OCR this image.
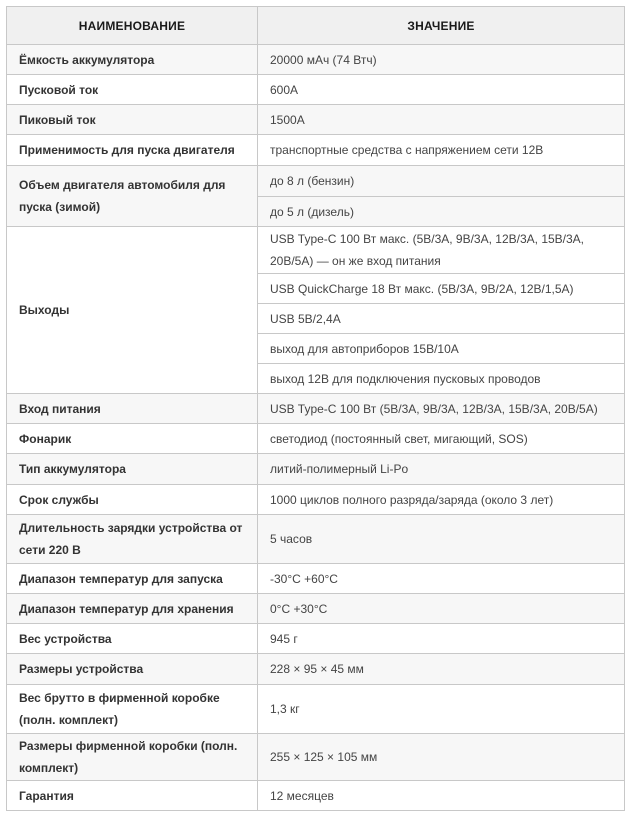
НАИМЕНОВАНИЕ	ЗНАЧЕНИЕ
Ёмкость аккумулятора	20000 мАч (74 Втч)
Пусковой ток	600А
Пиковый ток	1500А
Применимость для пуска двигателя	транспортные средства с напряжением сети 12В
Объем двигателя автомобиля для пуска (зимой)	до 8 л (бензин)
	до 5 л (дизель)
Выходы	USB Type-C 100 Вт макс. (5В/3А, 9В/3А, 12В/3А, 15В/3А, 20В/5А) — он же вход питания
	USB QuickCharge 18 Вт макс. (5В/3А, 9В/2А, 12В/1,5А)
	USB 5В/2,4А
	выход для автоприборов 15В/10А
	выход 12В для подключения пусковых проводов
Вход питания	USB Type-C 100 Вт (5В/3А, 9В/3А, 12В/3А, 15В/3А, 20В/5А)
Фонарик	светодиод (постоянный свет, мигающий, SOS)
Тип аккумулятора	литий-полимерный Li-Po
Срок службы	1000 циклов полного разряда/заряда (около 3 лет)
Длительность зарядки устройства от сети 220 В	5 часов
Диапазон температур для запуска	-30°C +60°C
Диапазон температур для хранения	0°C +30°C
Вес устройства	945 г
Размеры устройства	228 × 95 × 45 мм
Вес брутто в фирменной коробке (полн. комплект)	1,3 кг
Размеры фирменной коробки (полн. комплект)	255 × 125 × 105 мм
Гарантия	12 месяцев
